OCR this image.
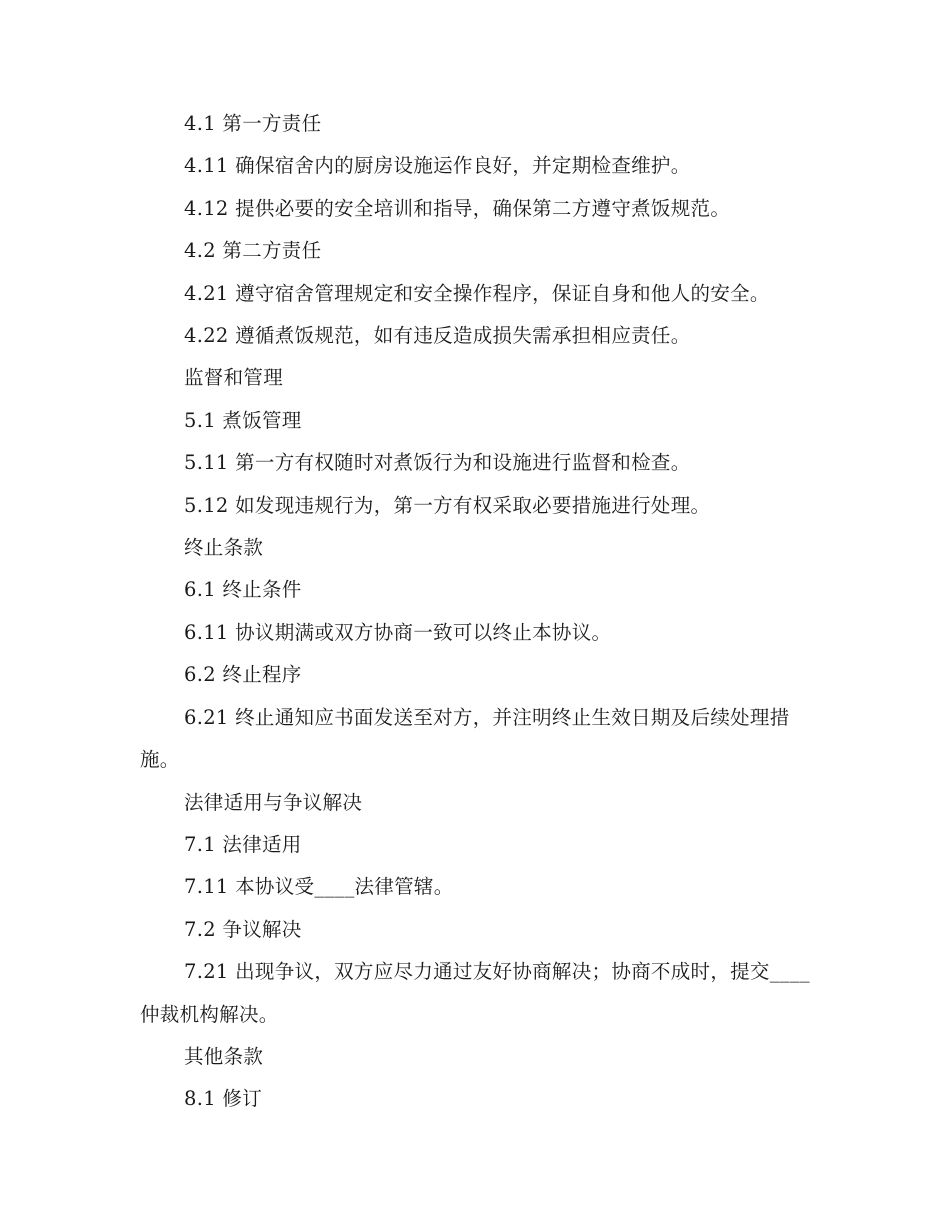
4.1 第一方责任

4.11 确保宿舍内的厨房设施运作良好，并定期检查维护。

4.12 提供必要的安全培训和指导，确保第二方遵守煮饭规范。

4.2 第二方责任

4.21 遵守宿舍管理规定和安全操作程序，保证自身和他人的安全。

4.22 遵循煮饭规范，如有违反造成损失需承担相应责任。

监督和管理

5.1 煮饭管理

5.11 第一方有权随时对煮饭行为和设施进行监督和检查。

5.12 如发现违规行为，第一方有权采取必要措施进行处理。

终止条款

6.1 终止条件

6.11 协议期满或双方协商一致可以终止本协议。

6.2 终止程序

6.21 终止通知应书面发送至对方，并注明终止生效日期及后续处理措施。

法律适用与争议解决

7.1 法律适用

7.11 本协议受____法律管辖。

7.2 争议解决

7.21 出现争议，双方应尽力通过友好协商解决；协商不成时，提交____仲裁机构解决。

其他条款

8.1 修订
